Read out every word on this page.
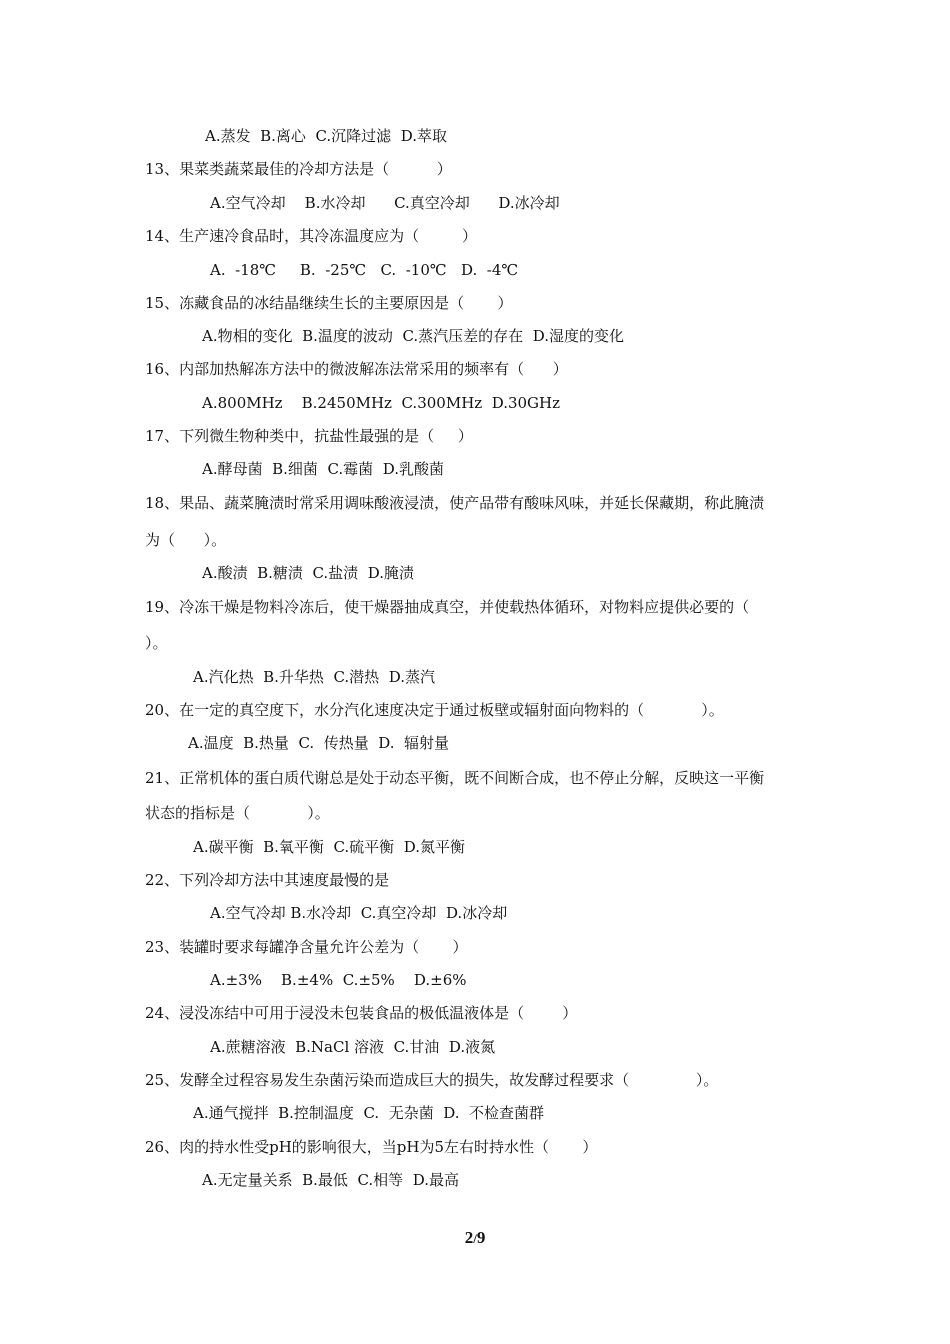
A.蒸发  B.离心  C.沉降过滤  D.萃取
13、果菜类蔬菜最佳的冷却方法是（          ）
A.空气冷却    B.水冷却      C.真空冷却      D.冰冷却
14、生产速冷食品时，其冷冻温度应为（         ）
A.  -18℃     B.  -25℃   C.  -10℃   D.  -4℃
15、冻藏食品的冰结晶继续生长的主要原因是（       ）
A.物相的变化  B.温度的波动  C.蒸汽压差的存在  D.湿度的变化
16、内部加热解冻方法中的微波解冻法常采用的频率有（      ）
A.800MHz    B.2450MHz  C.300MHz  D.30GHz
17、下列微生物种类中，抗盐性最强的是（     ）
A.酵母菌  B.细菌  C.霉菌  D.乳酸菌
18、果品、蔬菜腌渍时常采用调味酸液浸渍，使产品带有酸味风味，并延长保藏期，称此腌渍
为（      ）。
A.酸渍  B.糖渍  C.盐渍  D.腌渍
19、冷冻干燥是物料冷冻后，使干燥器抽成真空，并使载热体循环，对物料应提供必要的（
）。
A.汽化热  B.升华热  C.潜热  D.蒸汽
20、在一定的真空度下，水分汽化速度决定于通过板壁或辐射面向物料的（            ）。
A.温度  B.热量  C.  传热量  D.  辐射量
21、正常机体的蛋白质代谢总是处于动态平衡，既不间断合成，也不停止分解，反映这一平衡
状态的指标是（            ）。
A.碳平衡  B.氧平衡  C.硫平衡  D.氮平衡
22、下列冷却方法中其速度最慢的是
A.空气冷却 B.水冷却  C.真空冷却  D.冰冷却
23、装罐时要求每罐净含量允许公差为（       ）
A.±3%    B.±4%  C.±5%    D.±6%
24、浸没冻结中可用于浸没未包装食品的极低温液体是（        ）
A.蔗糖溶液  B.NaCl 溶液  C.甘油  D.液氮
25、发酵全过程容易发生杂菌污染而造成巨大的损失，故发酵过程要求（              ）。
A.通气搅拌  B.控制温度  C.  无杂菌  D.  不检查菌群
26、肉的持水性受pH的影响很大，当pH为5左右时持水性（       ）
A.无定量关系  B.最低  C.相等  D.最高
2/9
